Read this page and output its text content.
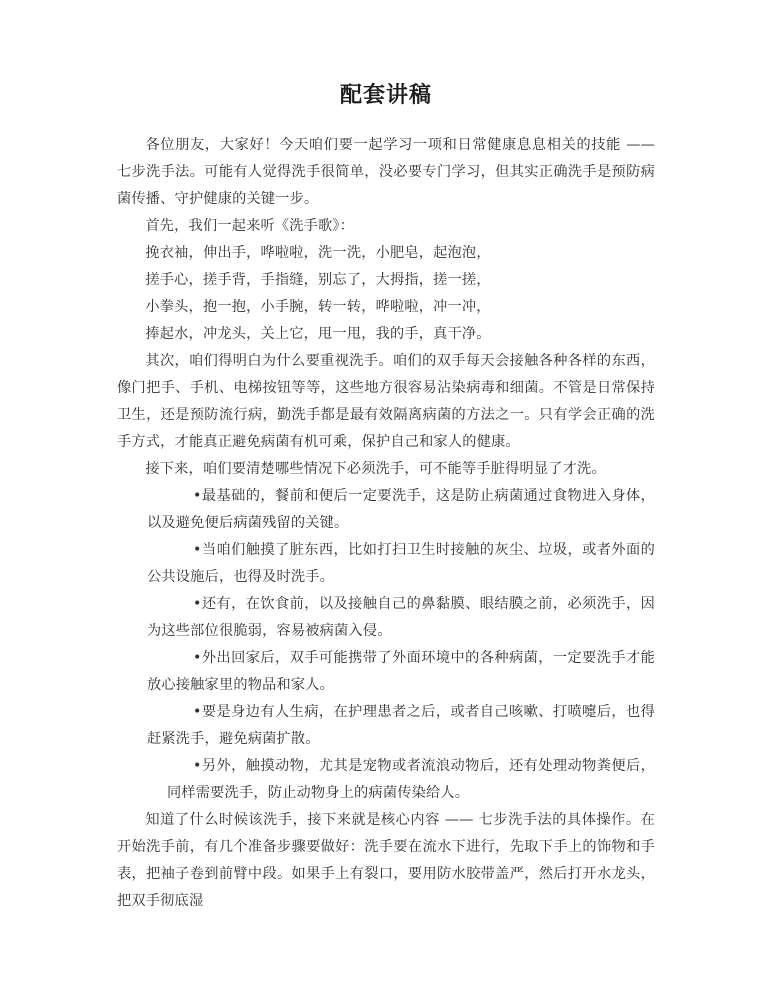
配套讲稿

各位朋友，大家好！今天咱们要一起学习一项和日常健康息息相关的技能 —— 七步洗手法。可能有人觉得洗手很简单，没必要专门学习，但其实正确洗手是预防病菌传播、守护健康的关键一步。

首先，我们一起来听《洗手歌》：

挽衣袖，伸出手，哗啦啦，洗一洗，小肥皂，起泡泡，

搓手心，搓手背，手指缝，别忘了，大拇指，搓一搓，

小拳头，抱一抱，小手腕，转一转，哗啦啦，冲一冲，

捧起水，冲龙头，关上它，甩一甩，我的手，真干净。

其次，咱们得明白为什么要重视洗手。咱们的双手每天会接触各种各样的东西，像门把手、手机、电梯按钮等等，这些地方很容易沾染病毒和细菌。不管是日常保持卫生，还是预防流行病，勤洗手都是最有效隔离病菌的方法之一。只有学会正确的洗手方式，才能真正避免病菌有机可乘，保护自己和家人的健康。

接下来，咱们要清楚哪些情况下必须洗手，可不能等手脏得明显了才洗。

•最基础的，餐前和便后一定要洗手，这是防止病菌通过食物进入身体，以及避免便后病菌残留的关键。
•当咱们触摸了脏东西，比如打扫卫生时接触的灰尘、垃圾，或者外面的公共设施后，也得及时洗手。
•还有，在饮食前，以及接触自己的鼻黏膜、眼结膜之前，必须洗手，因为这些部位很脆弱，容易被病菌入侵。
•外出回家后，双手可能携带了外面环境中的各种病菌，一定要洗手才能放心接触家里的物品和家人。
•要是身边有人生病，在护理患者之后，或者自己咳嗽、打喷嚏后，也得赶紧洗手，避免病菌扩散。
•另外，触摸动物，尤其是宠物或者流浪动物后，还有处理动物粪便后，同样需要洗手，防止动物身上的病菌传染给人。

知道了什么时候该洗手，接下来就是核心内容 —— 七步洗手法的具体操作。在开始洗手前，有几个准备步骤要做好：洗手要在流水下进行，先取下手上的饰物和手表，把袖子卷到前臂中段。如果手上有裂口，要用防水胶带盖严，然后打开水龙头，把双手彻底湿
